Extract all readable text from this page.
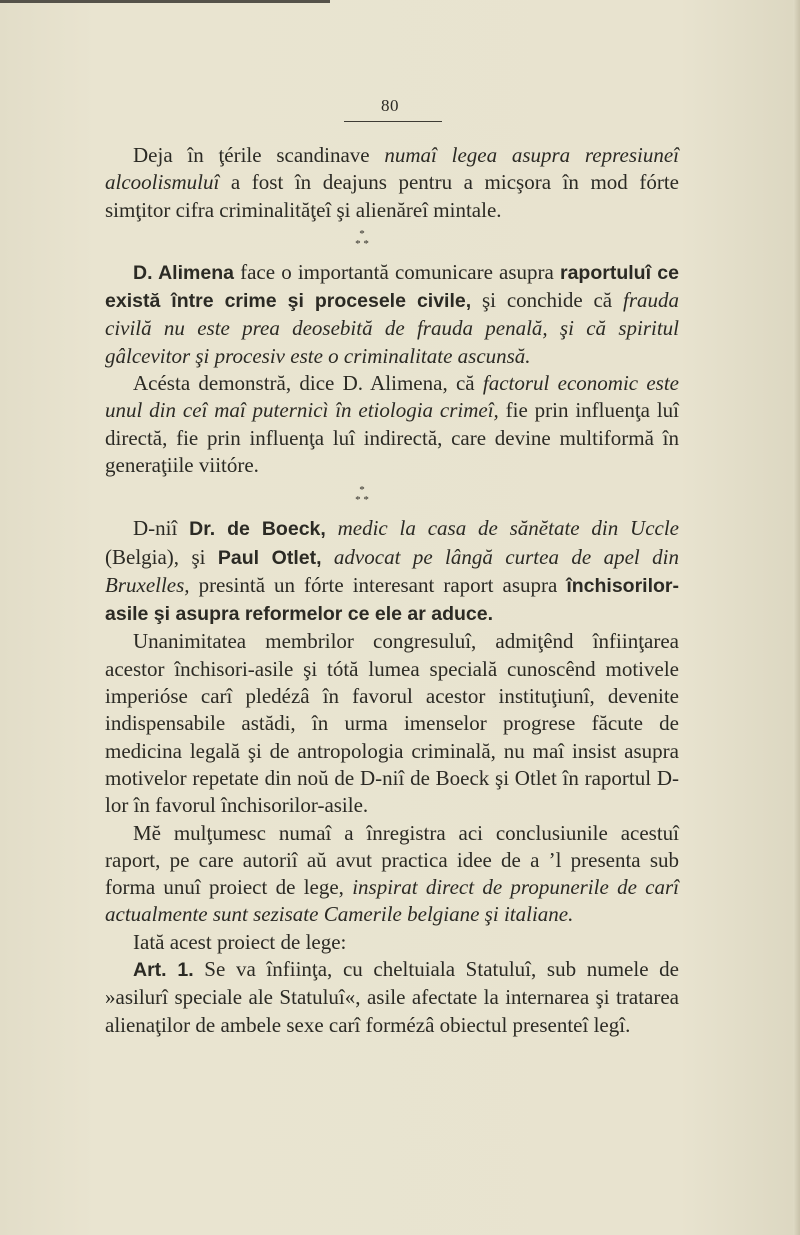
80

Deja în ţérile scandinave numaî legea asupra represiuneî alcoolismuluî a fost în deajuns pentru a micşora în mod fórte simţitor cifra criminalităţeî şi alienăreî mintale.

*
* *

D. Alimena face o importantă comunicare asupra raportuluî ce există între crime şi procesele civile, şi conchide că frauda civilă nu este prea deosebită de frauda penală, şi că spiritul gâlcevitor şi procesiv este o criminalitate ascunsă.

Acésta demonstră, dice D. Alimena, că factorul economic este unul din ceî maî puternicì în etiologia crimeî, fie prin influenţa luî directă, fie prin influenţa luî indirectă, care devine multiformă în generaţiile viitóre.

*
* *

D-niî Dr. de Boeck, medic la casa de sănĕtate din Uccle (Belgia), şi Paul Otlet, advocat pe lângă curtea de apel din Bruxelles, presintă un fórte interesant raport asupra închisorilor-asile şi asupra reformelor ce ele ar aduce.

Unanimitatea membrilor congresuluî, admiţênd înfiinţarea acestor închisori-asile şi tótă lumea specială cunoscênd motivele imperióse carî pledézâ în favorul acestor instituţiunî, devenite indispensabile astădi, în urma imenselor progrese făcute de medicina legală şi de antropologia criminală, nu maî insist asupra motivelor repetate din noŭ de D-niî de Boeck şi Otlet în raportul D-lor în favorul închisorilor-asile.

Mĕ mulţumesc numaî a înregistra aci conclusiunile acestuî raport, pe care autoriî aŭ avut practica idee de a ’l presenta sub forma unuî proiect de lege, inspirat direct de propunerile de carî actualmente sunt sezisate Camerile belgiane şi italiane.

Iată acest proiect de lege:

Art. 1. Se va înfiinţa, cu cheltuiala Statuluî, sub numele de »asilurî speciale ale Statuluî«, asile afectate la internarea şi tratarea alienaţilor de ambele sexe carî formézâ obiectul presenteî legî.
